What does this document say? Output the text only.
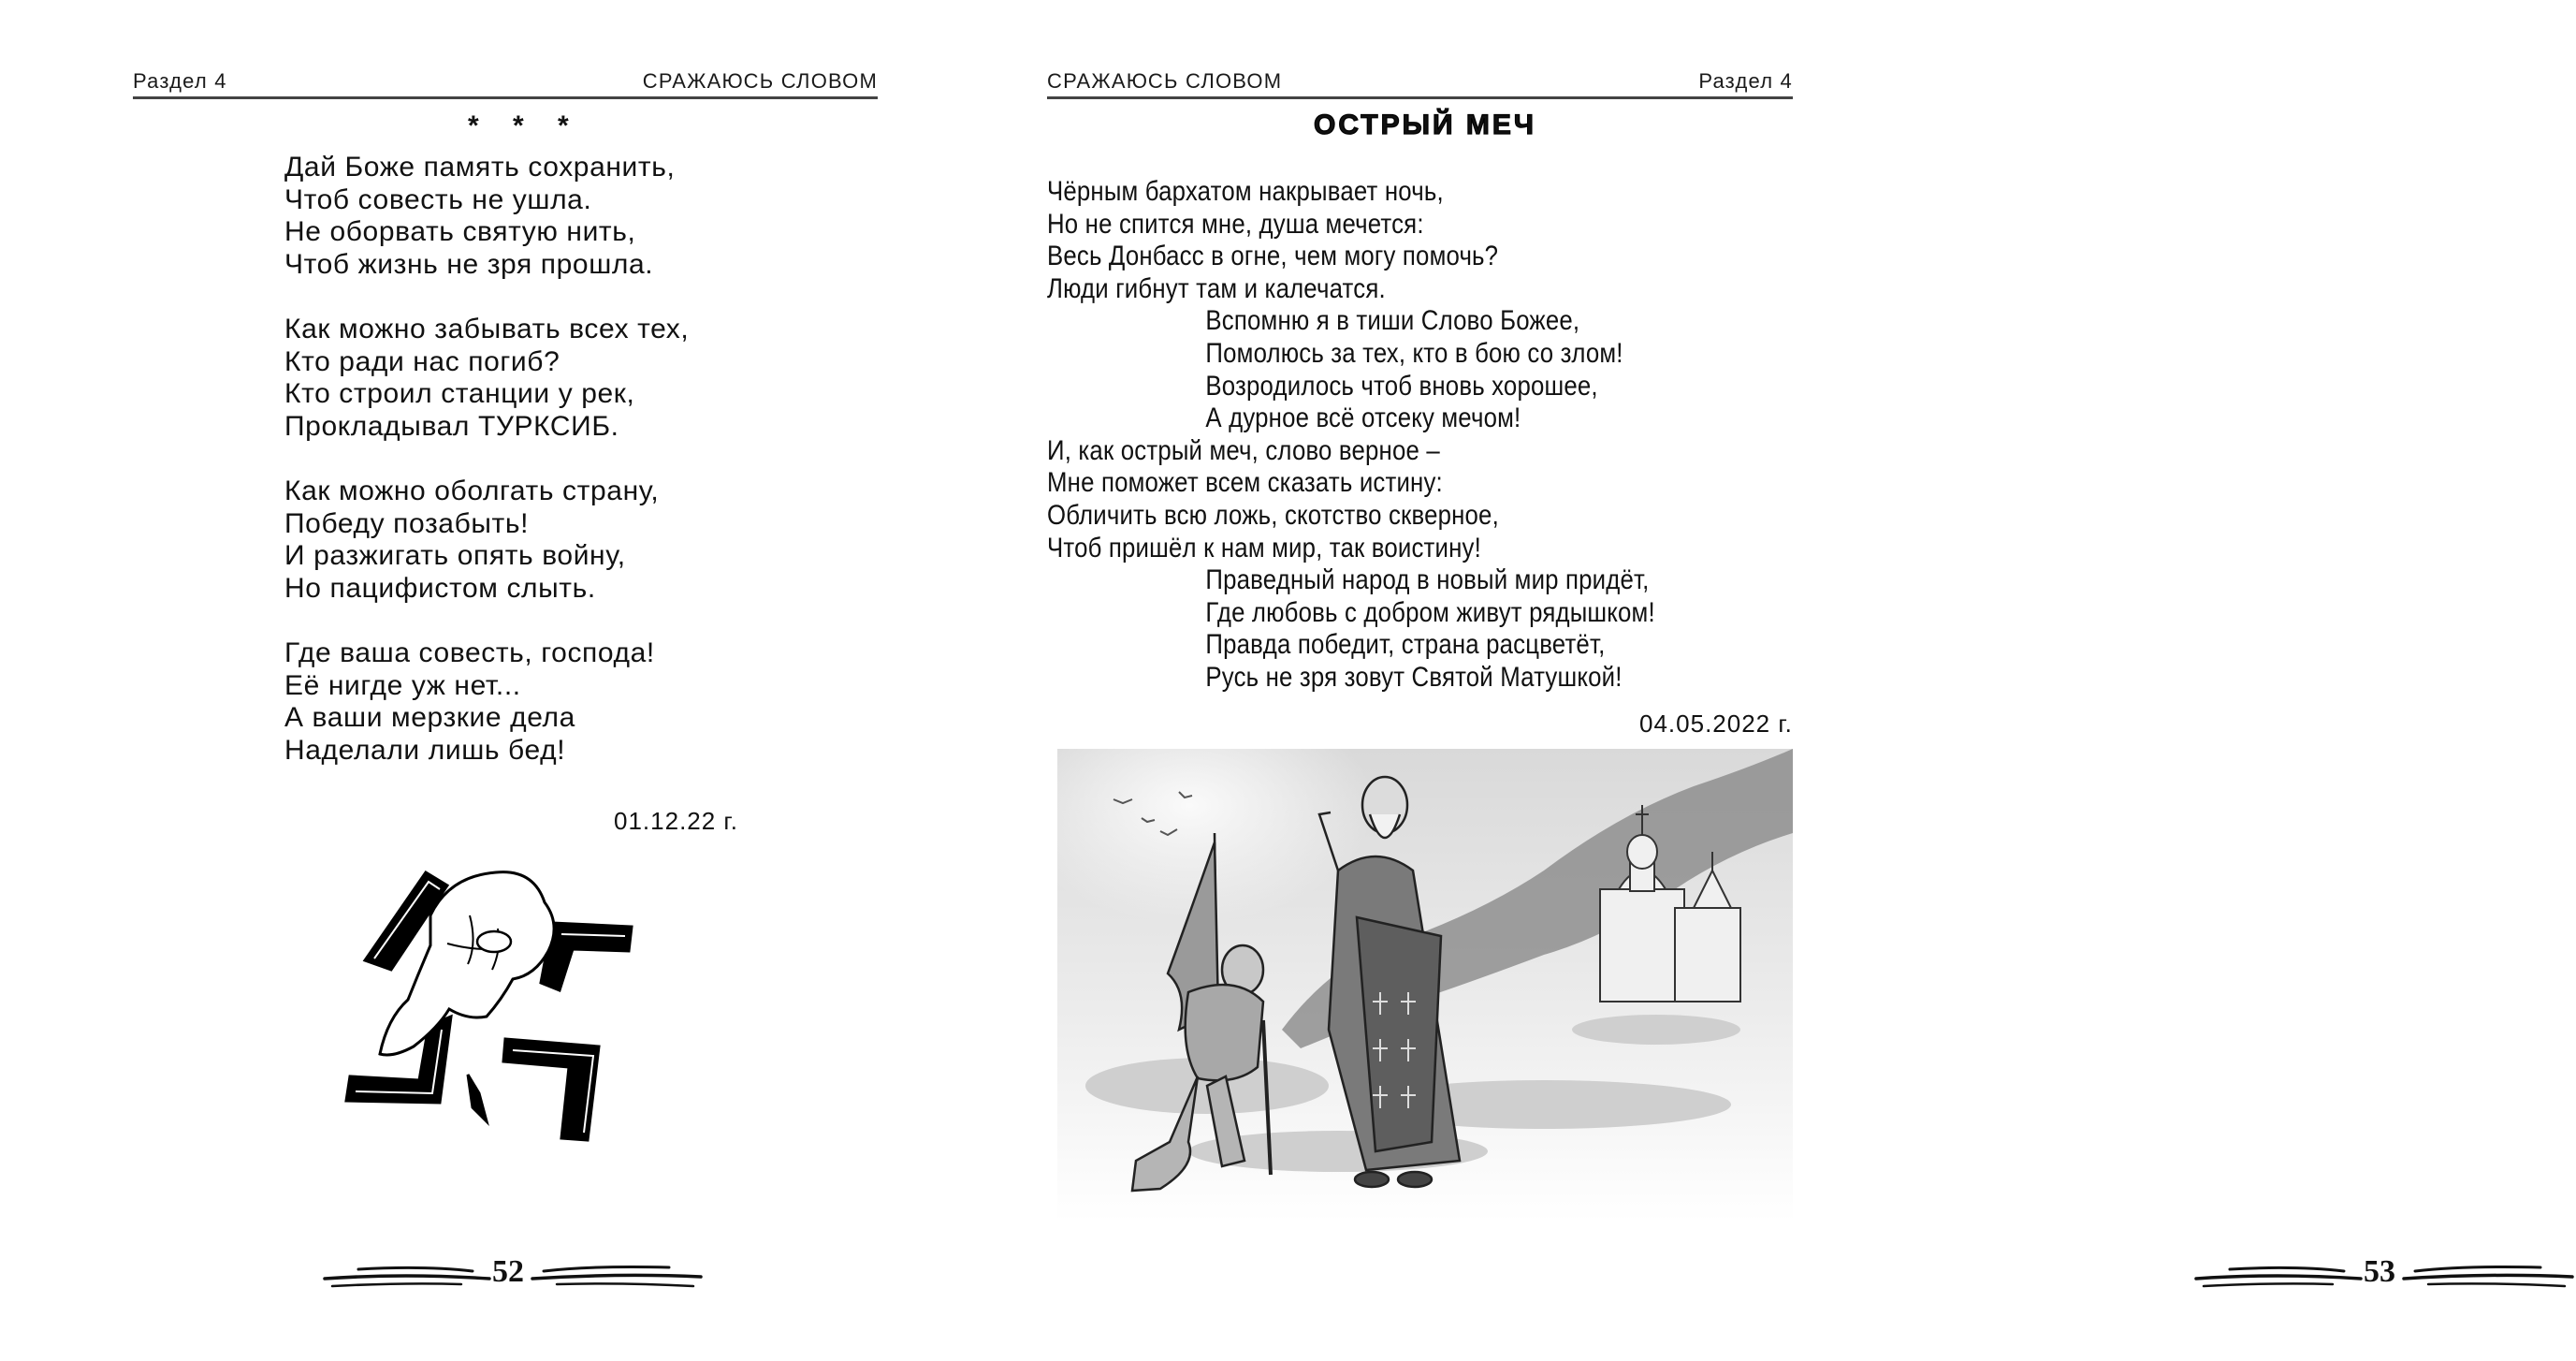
Раздел 4	СРАЖАЮСЬ СЛОВОМ
* * *
Дай Боже память сохранить,
Чтоб совесть не ушла.
Не оборвать святую нить,
Чтоб жизнь не зря прошла.
Как можно забывать всех тех,
Кто ради нас погиб?
Кто строил станции у рек,
Прокладывал ТУРКСИБ.
Как можно оболгать страну,
Победу позабыть!
И разжигать опять войну,
Но пацифистом слыть.
Где ваша совесть, господа!
Её нигде уж нет...
А ваши мерзкие дела
Наделали лишь бед!
01.12.22 г.
52
СРАЖАЮСЬ СЛОВОМ	Раздел 4
ОСТРЫЙ МЕЧ
Чёрным бархатом накрывает ночь,
Но не спится мне, душа мечется:
Весь Донбасс в огне, чем могу помочь?
Люди гибнут там и калечатся.
Вспомню я в тиши Слово Божее,
Помолюсь за тех, кто в бою со злом!
Возродилось чтоб вновь хорошее,
А дурное всё отсеку мечом!
И, как острый меч, слово верное –
Мне поможет всем сказать истину:
Обличить всю ложь, скотство скверное,
Чтоб пришёл к нам мир, так воистину!
Праведный народ в новый мир придёт,
Где любовь с добром живут рядышком!
Правда победит, страна расцветёт,
Русь не зря зовут Святой Матушкой!
04.05.2022 г.
53
